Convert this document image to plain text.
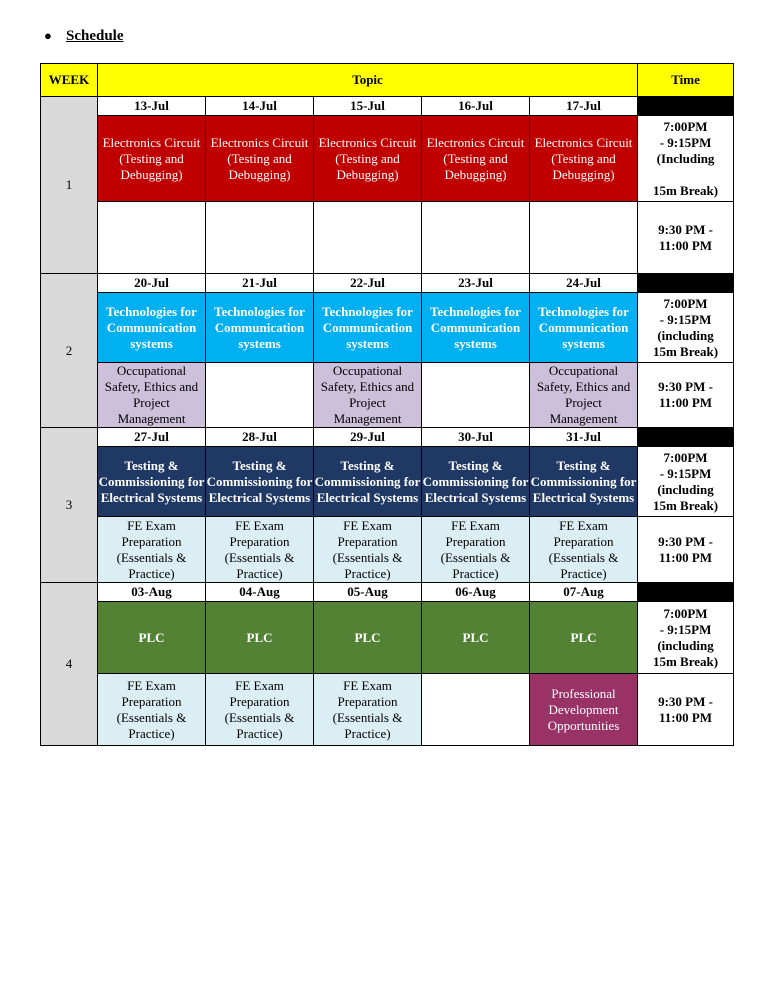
● Schedule
WEEK	Topic					Time
1	13-Jul	14-Jul	15-Jul	16-Jul	17-Jul	
	Electronics Circuit (Testing and Debugging)	Electronics Circuit (Testing and Debugging)	Electronics Circuit (Testing and Debugging)	Electronics Circuit (Testing and Debugging)	Electronics Circuit (Testing and Debugging)	7:00PM
- 9:15PM
(Including

15m Break)

						9:30 PM -
11:00 PM

2	20-Jul	21-Jul	22-Jul	23-Jul	24-Jul	
	Technologies for Communication systems	Technologies for Communication systems	Technologies for Communication systems	Technologies for Communication systems	Technologies for Communication systems	7:00PM
- 9:15PM
(including
15m Break)

	Occupational Safety, Ethics and Project Management		Occupational Safety, Ethics and Project Management		Occupational Safety, Ethics and Project Management	9:30 PM -
11:00 PM

3	27-Jul	28-Jul	29-Jul	30-Jul	31-Jul	
	Testing & Commissioning for Electrical Systems	Testing & Commissioning for Electrical Systems	Testing & Commissioning for Electrical Systems	Testing & Commissioning for Electrical Systems	Testing & Commissioning for Electrical Systems	7:00PM
- 9:15PM
(including
15m Break)

	FE Exam Preparation (Essentials & Practice)	FE Exam Preparation (Essentials & Practice)	FE Exam Preparation (Essentials & Practice)	FE Exam Preparation (Essentials & Practice)	FE Exam Preparation (Essentials & Practice)	9:30 PM -
11:00 PM

4	03-Aug	04-Aug	05-Aug	06-Aug	07-Aug	
	PLC	PLC	PLC	PLC	PLC	7:00PM
- 9:15PM
(including
15m Break)

	FE Exam Preparation (Essentials & Practice)	FE Exam Preparation (Essentials & Practice)	FE Exam Preparation (Essentials & Practice)		Professional Development Opportunities	9:30 PM -
11:00 PM
